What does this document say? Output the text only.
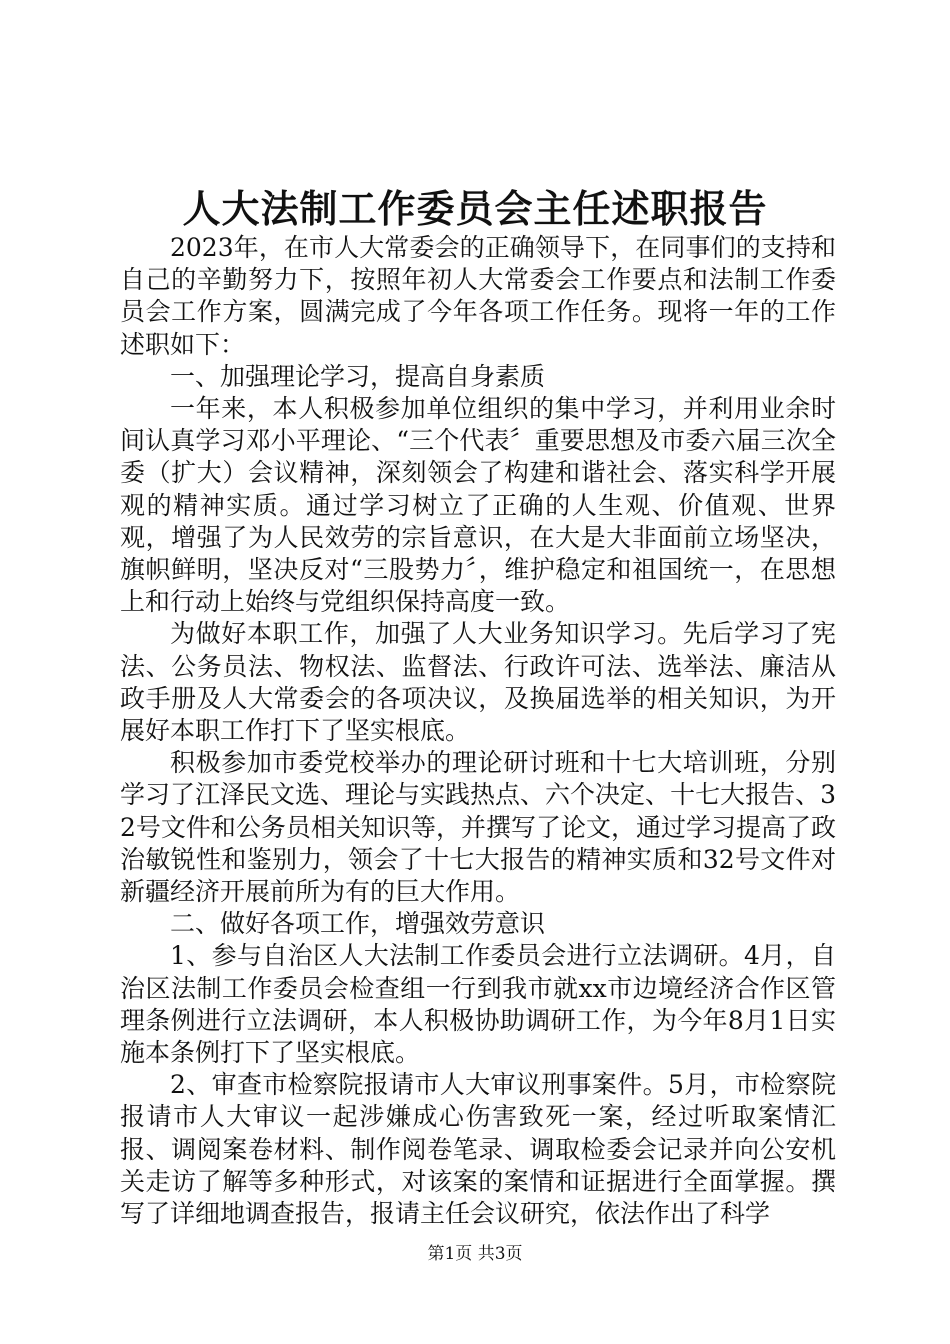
人大法制工作委员会主任述职报告

2023年，在市人大常委会的正确领导下，在同事们的支持和自己的辛勤努力下，按照年初人大常委会工作要点和法制工作委员会工作方案，圆满完成了今年各项工作任务。现将一年的工作述职如下：

一、加强理论学习，提高自身素质

一年来，本人积极参加单位组织的集中学习，并利用业余时间认真学习邓小平理论、“三个代表〞重要思想及市委六届三次全委（扩大）会议精神，深刻领会了构建和谐社会、落实科学开展观的精神实质。通过学习树立了正确的人生观、价值观、世界观，增强了为人民效劳的宗旨意识，在大是大非面前立场坚决，旗帜鲜明，坚决反对“三股势力〞，维护稳定和祖国统一，在思想上和行动上始终与党组织保持高度一致。

为做好本职工作，加强了人大业务知识学习。先后学习了宪法、公务员法、物权法、监督法、行政许可法、选举法、廉洁从政手册及人大常委会的各项决议，及换届选举的相关知识，为开展好本职工作打下了坚实根底。

积极参加市委党校举办的理论研讨班和十七大培训班，分别学习了江泽民文选、理论与实践热点、六个决定、十七大报告、32号文件和公务员相关知识等，并撰写了论文，通过学习提高了政治敏锐性和鉴别力，领会了十七大报告的精神实质和32号文件对新疆经济开展前所为有的巨大作用。

二、做好各项工作，增强效劳意识

1、参与自治区人大法制工作委员会进行立法调研。4月，自治区法制工作委员会检查组一行到我市就xx市边境经济合作区管理条例进行立法调研，本人积极协助调研工作，为今年8月1日实施本条例打下了坚实根底。

2、审查市检察院报请市人大审议刑事案件。5月，市检察院报请市人大审议一起涉嫌成心伤害致死一案，经过听取案情汇报、调阅案卷材料、制作阅卷笔录、调取检委会记录并向公安机关走访了解等多种形式，对该案的案情和证据进行全面掌握。撰写了详细地调查报告，报请主任会议研究，依法作出了科学

第1页 共3页
